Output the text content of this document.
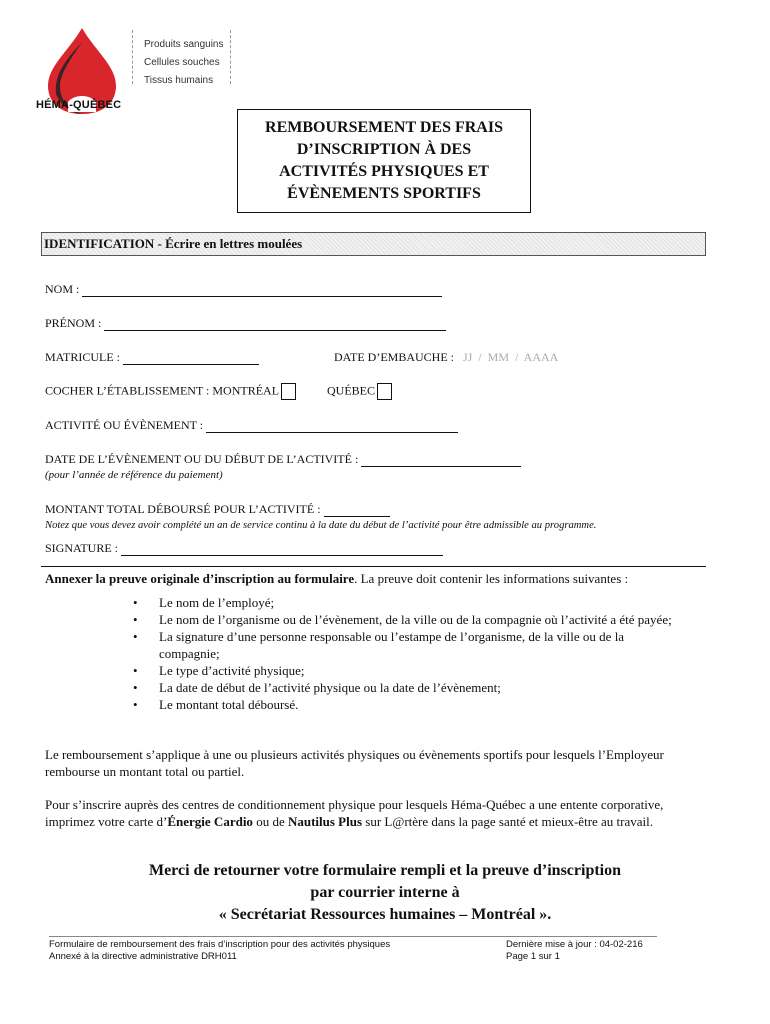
HÉMA-QUÉBEC
Produits sanguins
Cellules souches
Tissus humains
REMBOURSEMENT DES FRAIS
D’INSCRIPTION À DES
ACTIVITÉS PHYSIQUES ET
ÉVÈNEMENTS SPORTIFS
IDENTIFICATION - Écrire en lettres moulées
NOM :
PRÉNOM :
MATRICULE :	DATE D’EMBAUCHE : JJ  /  MM  /  AAAA
COCHER L’ÉTABLISSEMENT : MONTRÉAL	QUÉBEC
ACTIVITÉ OU ÉVÈNEMENT :
DATE DE L’ÉVÈNEMENT OU DU DÉBUT DE L’ACTIVITÉ :
(pour l’année de référence du paiement)
MONTANT TOTAL DÉBOURSÉ POUR L’ACTIVITÉ :
Notez que vous devez avoir complété un an de service continu à la date du début de l’activité pour être admissible au programme.
SIGNATURE :
Annexer la preuve originale d’inscription au formulaire. La preuve doit contenir les informations suivantes :
• Le nom de l’employé;
• Le nom de l’organisme ou de l’évènement, de la ville ou de la compagnie où l’activité a été payée;
• La signature d’une personne responsable ou l’estampe de l’organisme, de la ville ou de la compagnie;
• Le type d’activité physique;
• La date de début de l’activité physique ou la date de l’évènement;
• Le montant total déboursé.
Le remboursement s’applique à une ou plusieurs activités physiques ou évènements sportifs pour lesquels l’Employeur rembourse un montant total ou partiel.
Pour s’inscrire auprès des centres de conditionnement physique pour lesquels Héma-Québec a une entente corporative, imprimez votre carte d’Énergie Cardio ou de Nautilus Plus sur L@rtère dans la page santé et mieux-être au travail.
Merci de retourner votre formulaire rempli et la preuve d’inscription
par courrier interne à
« Secrétariat Ressources humaines – Montréal ».
Formulaire de remboursement des frais d’inscription pour des activités physiques
Annexé à la directive administrative DRH011
Dernière mise à jour : 04-02-216
Page 1 sur 1
